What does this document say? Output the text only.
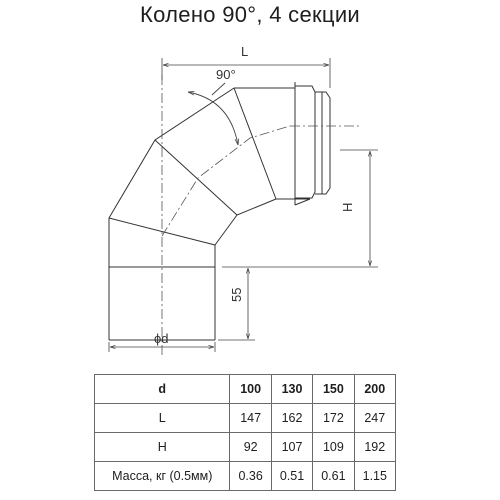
Колено 90°, 4 секции
90°
L
H
55
ϕd
d	100	130	150	200
L	147	162	172	247
H	92	107	109	192
Масса, кг (0.5мм)	0.36	0.51	0.61	1.15
